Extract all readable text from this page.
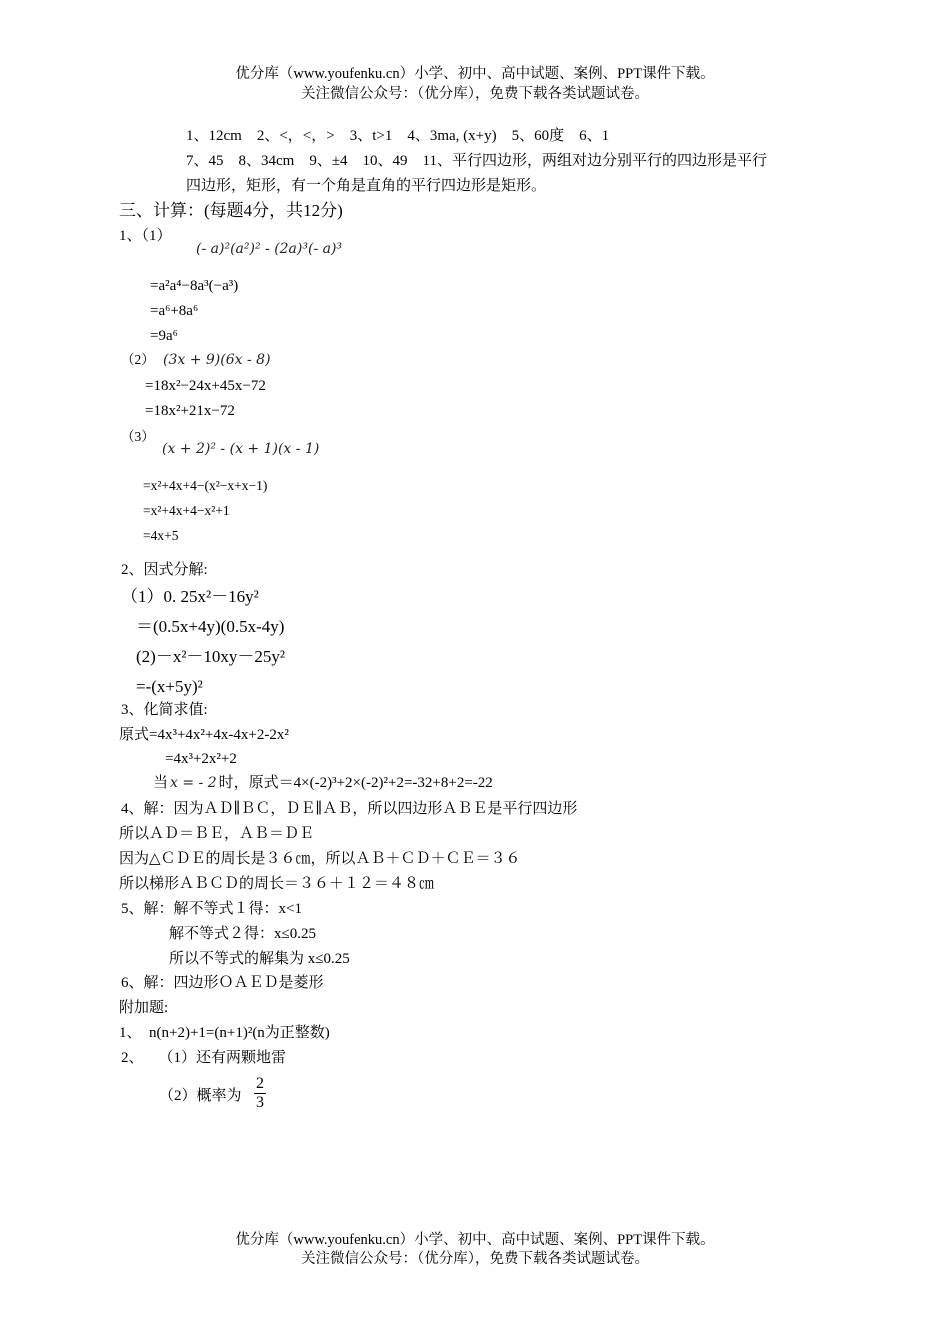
优分库（www.youfenku.cn）小学、初中、高中试题、案例、PPT课件下载。
关注微信公众号：（优分库），免费下载各类试题试卷。
1、12cm　2、<，<，>　3、t>1　4、3ma, (x+y)　5、60度　6、1
7、45　8、34cm　9、±4　10、49　11、平行四边形，两组对边分别平行的四边形是平行
四边形，矩形，有一个角是直角的平行四边形是矩形。
三、计算：(每题4分，共12分)
1、（1）
(- a)²(a²)² - (2a)³(- a)³
=a²a⁴−8a³(−a³)
=a⁶+8a⁶
=9a⁶
（2） (3x + 9)(6x - 8)
=18x²−24x+45x−72
=18x²+21x−72
（3）
(x + 2)² - (x + 1)(x - 1)
=x²+4x+4−(x²−x+x−1)
=x²+4x+4−x²+1
=4x+5
2、因式分解:
（1）0. 25x²－16y²
＝(0.5x+4y)(0.5x-4y)
(2)－x²－10xy－25y²
=-(x+5y)²
3、化简求值:
原式=4x³+4x²+4x-4x+2-2x²
=4x³+2x²+2
当 x = - 2 时，原式＝4×(-2)³+2×(-2)²+2=-32+8+2=-22
4、解：因为ＡＤ∥ＢＣ，ＤＥ∥ＡＢ，所以四边形ＡＢＥ是平行四边形
所以ＡＤ＝ＢＥ，ＡＢ＝ＤＥ
因为△ＣＤＥ的周长是３６㎝，所以ＡＢ＋ＣＤ＋ＣＥ＝３６
所以梯形ＡＢＣＤ的周长＝３６＋１２＝４８㎝
5、解：解不等式１得：x<1
解不等式２得：x≤0.25
所以不等式的解集为 x≤0.25
6、解：四边形ＯＡＥＤ是菱形
附加题:
1、　n(n+2)+1=(n+1)²(n为正整数)
2、　　（1）还有两颗地雷
（2）概率为
2
3
优分库（www.youfenku.cn）小学、初中、高中试题、案例、PPT课件下载。
关注微信公众号：（优分库），免费下载各类试题试卷。
